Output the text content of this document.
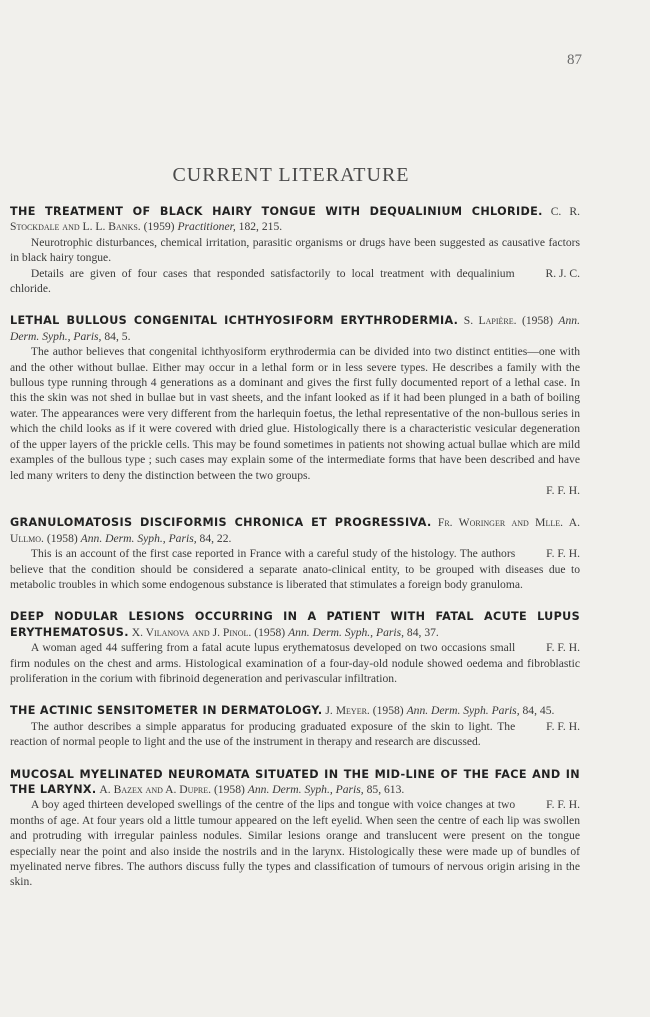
87
CURRENT LITERATURE
THE TREATMENT OF BLACK HAIRY TONGUE WITH DEQUALINIUM CHLORIDE. C. R. Stockdale and L. L. Banks. (1959) Practitioner, 182, 215.

Neurotrophic disturbances, chemical irritation, parasitic organisms or drugs have been suggested as causative factors in black hairy tongue.

R. J. C.
Details are given of four cases that responded satisfactorily to local treatment with dequalinium chloride.

LETHAL BULLOUS CONGENITAL ICHTHYOSIFORM ERYTHRODERMIA. S. Lapière. (1958) Ann. Derm. Syph., Paris, 84, 5.

The author believes that congenital ichthyosiform erythrodermia can be divided into two distinct entities—one with and the other without bullae. Either may occur in a lethal form or in less severe types. He describes a family with the bullous type running through 4 generations as a dominant and gives the first fully documented report of a lethal case. In this the skin was not shed in bullae but in vast sheets, and the infant looked as if it had been plunged in a bath of boiling water. The appearances were very different from the harlequin foetus, the lethal representative of the non-bullous series in which the child looks as if it were covered with dried glue. Histologically there is a characteristic vesicular degeneration of the upper layers of the prickle cells. This may be found sometimes in patients not showing actual bullae which are mild examples of the bullous type ; such cases may explain some of the intermediate forms that have been described and have led many writers to deny the distinction between the two groups.

F. F. H.

GRANULOMATOSIS DISCIFORMIS CHRONICA ET PROGRESSIVA. Fr. Woringer and Mlle. A. Ullmo. (1958) Ann. Derm. Syph., Paris, 84, 22.

F. F. H.
This is an account of the first case reported in France with a careful study of the histology. The authors believe that the condition should be considered a separate anato-clinical entity, to be grouped with diseases due to metabolic troubles in which some endogenous substance is liberated that stimulates a foreign body granuloma.

DEEP NODULAR LESIONS OCCURRING IN A PATIENT WITH FATAL ACUTE LUPUS ERYTHEMATOSUS. X. Vilanova and J. Pinol. (1958) Ann. Derm. Syph., Paris, 84, 37.

F. F. H.
A woman aged 44 suffering from a fatal acute lupus erythematosus developed on two occasions small firm nodules on the chest and arms. Histological examination of a four-day-old nodule showed oedema and fibroblastic proliferation in the corium with fibrinoid degeneration and perivascular infiltration.

THE ACTINIC SENSITOMETER IN DERMATOLOGY. J. Meyer. (1958) Ann. Derm. Syph. Paris, 84, 45.

F. F. H.
The author describes a simple apparatus for producing graduated exposure of the skin to light. The reaction of normal people to light and the use of the instrument in therapy and research are discussed.

MUCOSAL MYELINATED NEUROMATA SITUATED IN THE MID-LINE OF THE FACE AND IN THE LARYNX. A. Bazex and A. Dupre. (1958) Ann. Derm. Syph., Paris, 85, 613.

F. F. H.
A boy aged thirteen developed swellings of the centre of the lips and tongue with voice changes at two months of age. At four years old a little tumour appeared on the left eyelid. When seen the centre of each lip was swollen and protruding with irregular painless nodules. Similar lesions orange and translucent were present on the tongue especially near the point and also inside the nostrils and in the larynx. Histologically these were made up of bundles of myelinated nerve fibres. The authors discuss fully the types and classification of tumours of nervous origin arising in the skin.
